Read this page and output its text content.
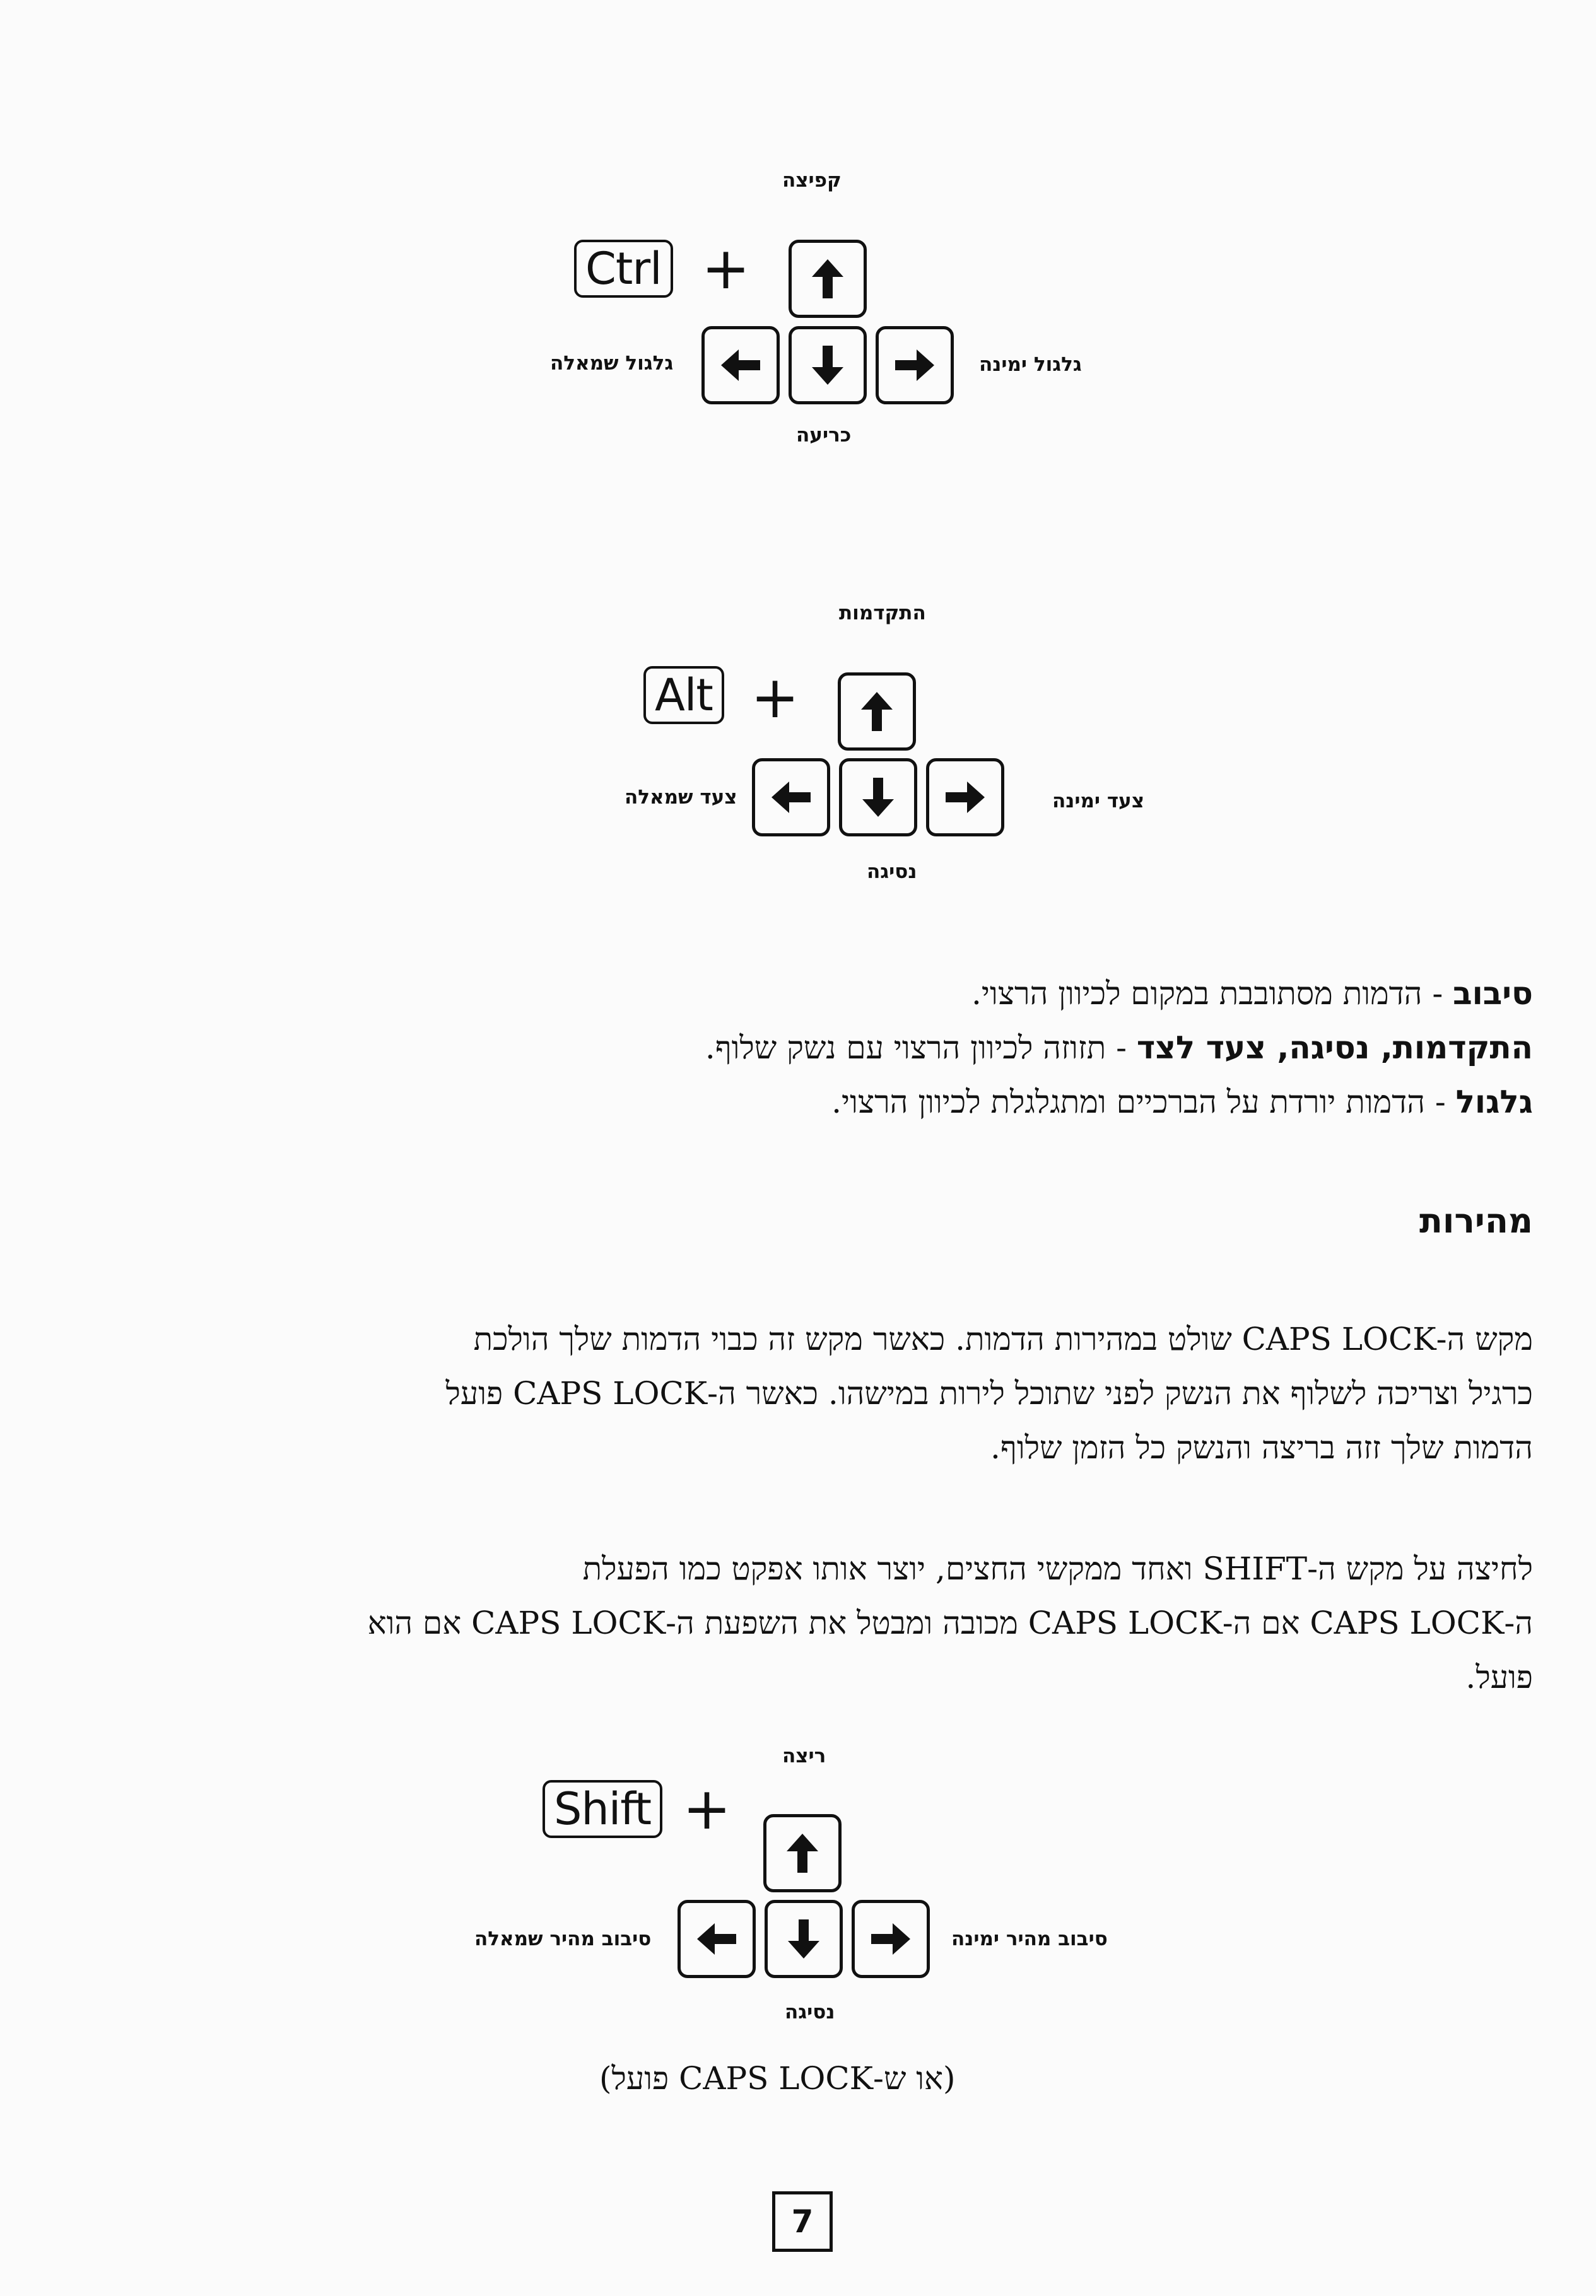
קפיצה
Ctrl +
גלגול שמאלה	גלגול ימינה
כריעה
התקדמות
Alt +
צעד שמאלה	צעד ימינה
נסיגה
סיבוב - הדמות מסתובבת במקום לכיוון הרצוי.
התקדמות, נסיגה, צעד לצד - תזוזה לכיוון הרצוי עם נשק שלוף.
גלגול - הדמות יורדת על הברכיים ומתגלגלת לכיוון הרצוי.
מהירות
מקש ה-CAPS LOCK שולט במהירות הדמות. כאשר מקש זה כבוי הדמות שלך הולכת
כרגיל וצריכה לשלוף את הנשק לפני שתוכל לירות במישהו. כאשר ה-CAPS LOCK פועל
הדמות שלך זזה בריצה והנשק כל הזמן שלוף.
לחיצה על מקש ה-SHIFT ואחד ממקשי החצים, יוצר אותו אפקט כמו הפעלת
ה-CAPS LOCK אם ה-CAPS LOCK מכובה ומבטל את השפעת ה-CAPS LOCK אם הוא
פועל.
ריצה
Shift +
סיבוב מהיר שמאלה	סיבוב מהיר ימינה
נסיגה
(או ש-CAPS LOCK פועל)
7
